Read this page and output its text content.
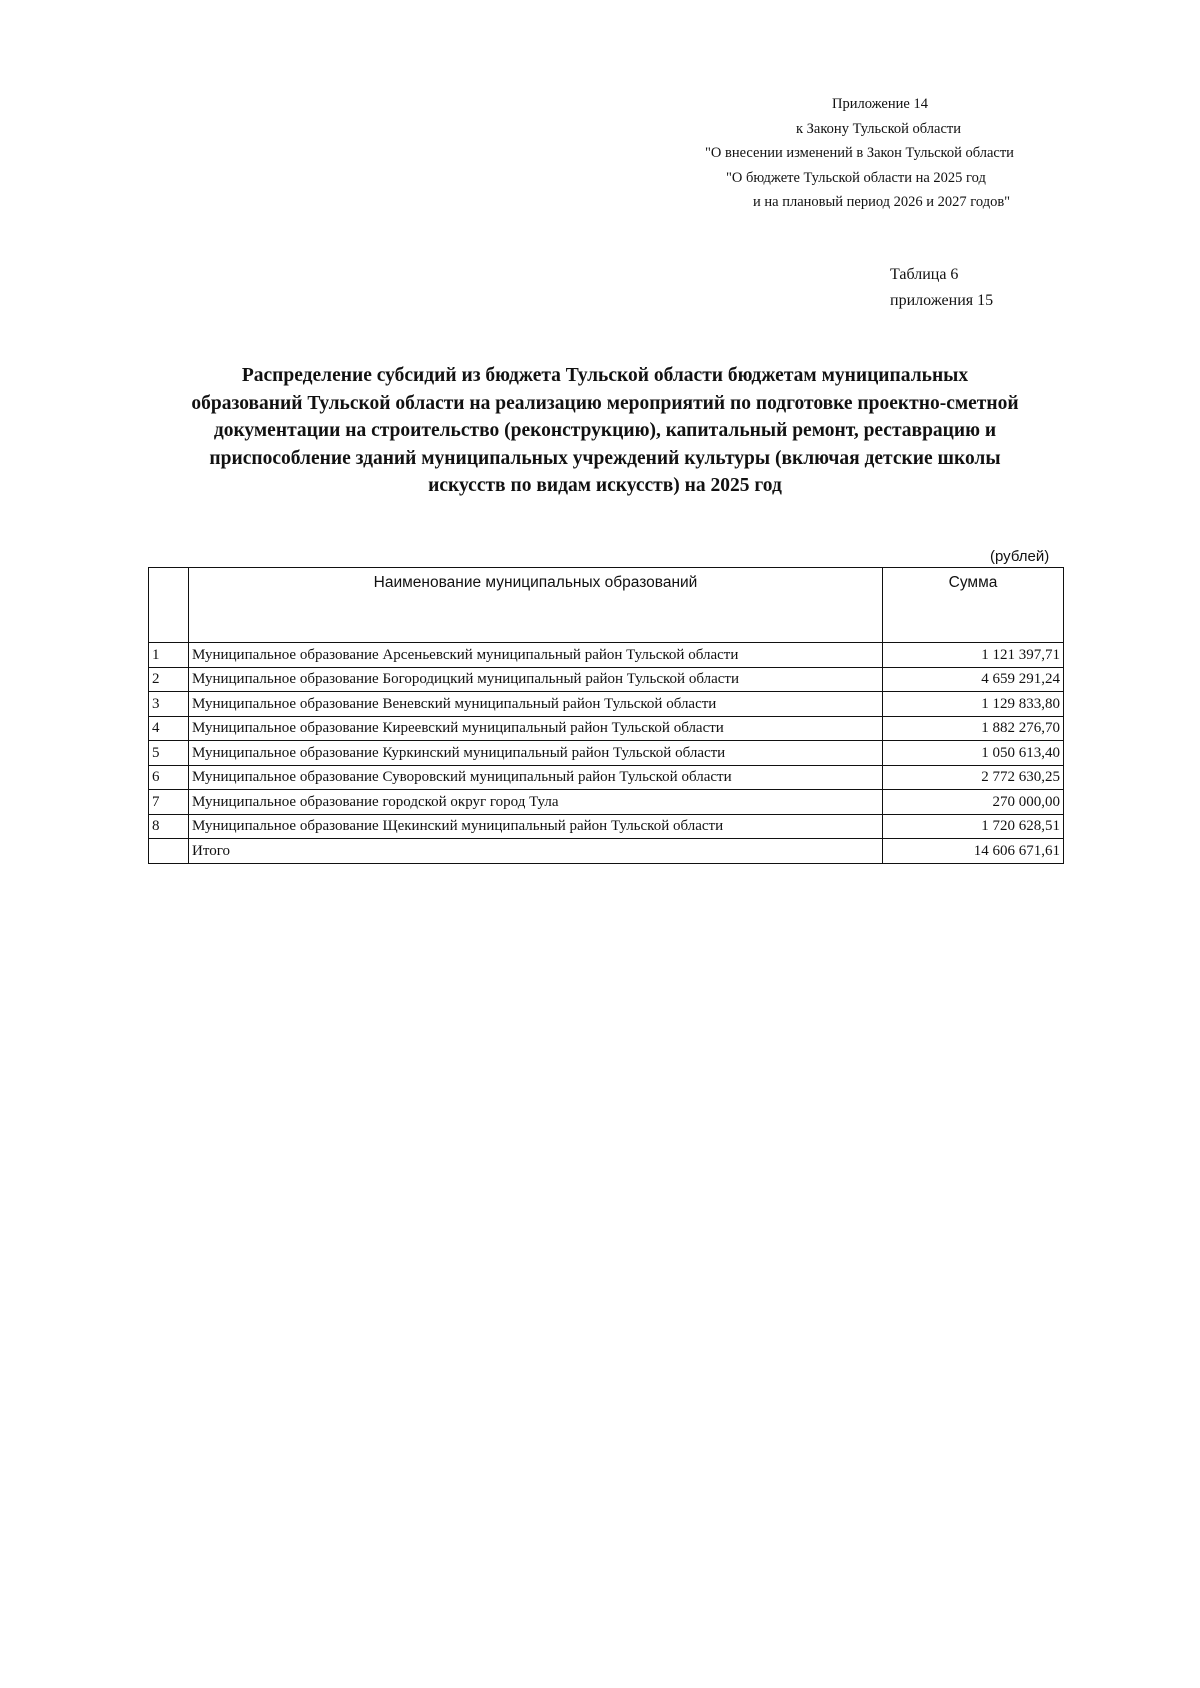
Приложение 14
к Закону Тульской области
"О внесении изменений в Закон Тульской области
"О бюджете Тульской области на 2025 год
и на плановый период 2026 и 2027 годов"
Таблица 6
приложения 15
Распределение субсидий из бюджета Тульской области бюджетам муниципальных
образований Тульской области на реализацию мероприятий по подготовке проектно-сметной
документации на строительство (реконструкцию), капитальный ремонт, реставрацию и
приспособление зданий муниципальных учреждений культуры (включая детские школы
искусств по видам искусств) на 2025 год
(рублей)
	Наименование муниципальных образований	Сумма
1	Муниципальное образование Арсеньевский муниципальный район Тульской области	1 121 397,71
2	Муниципальное образование Богородицкий муниципальный район Тульской области	4 659 291,24
3	Муниципальное образование Веневский муниципальный район Тульской области	1 129 833,80
4	Муниципальное образование Киреевский муниципальный район Тульской области	1 882 276,70
5	Муниципальное образование Куркинский муниципальный район Тульской области	1 050 613,40
6	Муниципальное образование Суворовский муниципальный район Тульской области	2 772 630,25
7	Муниципальное образование городской округ город Тула	270 000,00
8	Муниципальное образование Щекинский муниципальный район Тульской области	1 720 628,51
	Итого	14 606 671,61
